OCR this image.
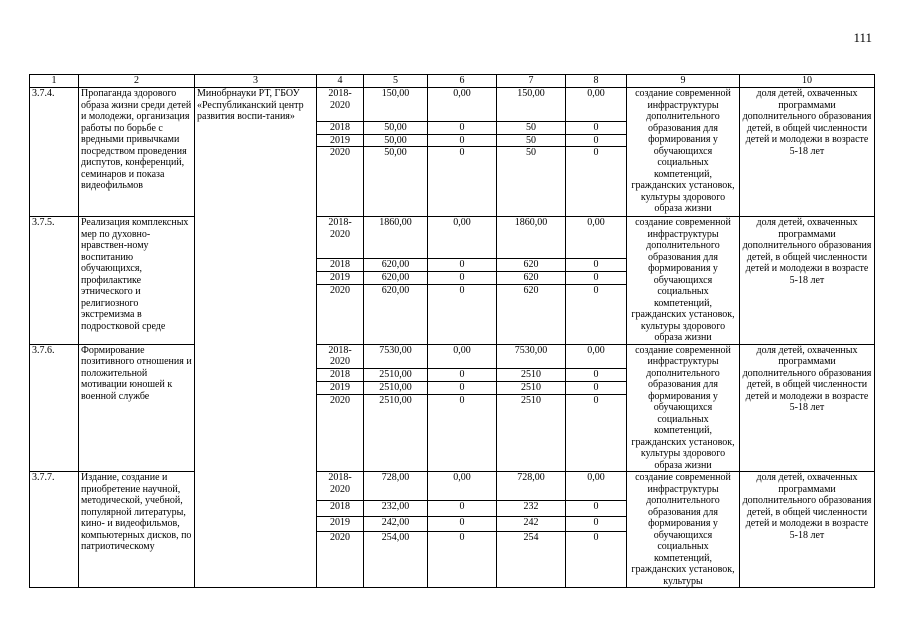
111
1	2	3	4	5	6	7	8	9	10
3.7.4.	Пропаганда здорового образа жизни среди детей и молодежи, организация работы по борьбе с вредными привычками посредством проведения диспутов, конференций, семинаров и показа видеофильмов	Минобрнауки РТ, ГБОУ «Республиканский центр развития воспи-тания»	2018-2020	150,00	0,00	150,00	0,00	создание современной инфраструктуры дополнительного образования для формирования у обучающихся социальных компетенций, гражданских установок, культуры здорового образа жизни	доля детей, охваченных программами дополнительного образования детей, в общей численности детей и молодежи в возрасте 5-18 лет
			2018	50,00	0	50	0		
			2019	50,00	0	50	0		
			2020	50,00	0	50	0		
3.7.5.	Реализация комплексных мер по духовно-нравствен-ному воспитанию обучающихся, профилактике этнического и религиозного экстремизма в подростковой среде		2018-2020	1860,00	0,00	1860,00	0,00	создание современной инфраструктуры дополнительного образования для формирования у обучающихся социальных компетенций, гражданских установок, культуры здорового образа жизни	доля детей, охваченных программами дополнительного образования детей, в общей численности детей и молодежи в возрасте 5-18 лет
			2018	620,00	0	620	0		
			2019	620,00	0	620	0		
			2020	620,00	0	620	0		
3.7.6.	Формирование позитивного отношения и положительной мотивации юношей к военной службе		2018-2020	7530,00	0,00	7530,00	0,00	создание современной инфраструктуры дополнительного образования для формирования у обучающихся социальных компетенций, гражданских установок, культуры здорового образа жизни	доля детей, охваченных программами дополнительного образования детей, в общей численности детей и молодежи в возрасте 5-18 лет
			2018	2510,00	0	2510	0		
			2019	2510,00	0	2510	0		
			2020	2510,00	0	2510	0		
3.7.7.	Издание, создание и приобретение научной, методической, учебной, популярной литературы, кино- и видеофильмов, компьютерных дисков, по патриотическому		2018-2020	728,00	0,00	728,00	0,00	создание современной инфраструктуры дополнительного образования для формирования у обучающихся социальных компетенций, гражданских установок, культуры	доля детей, охваченных программами дополнительного образования детей, в общей численности детей и молодежи в возрасте 5-18 лет
			2018	232,00	0	232	0		
			2019	242,00	0	242	0		
			2020	254,00	0	254	0		
